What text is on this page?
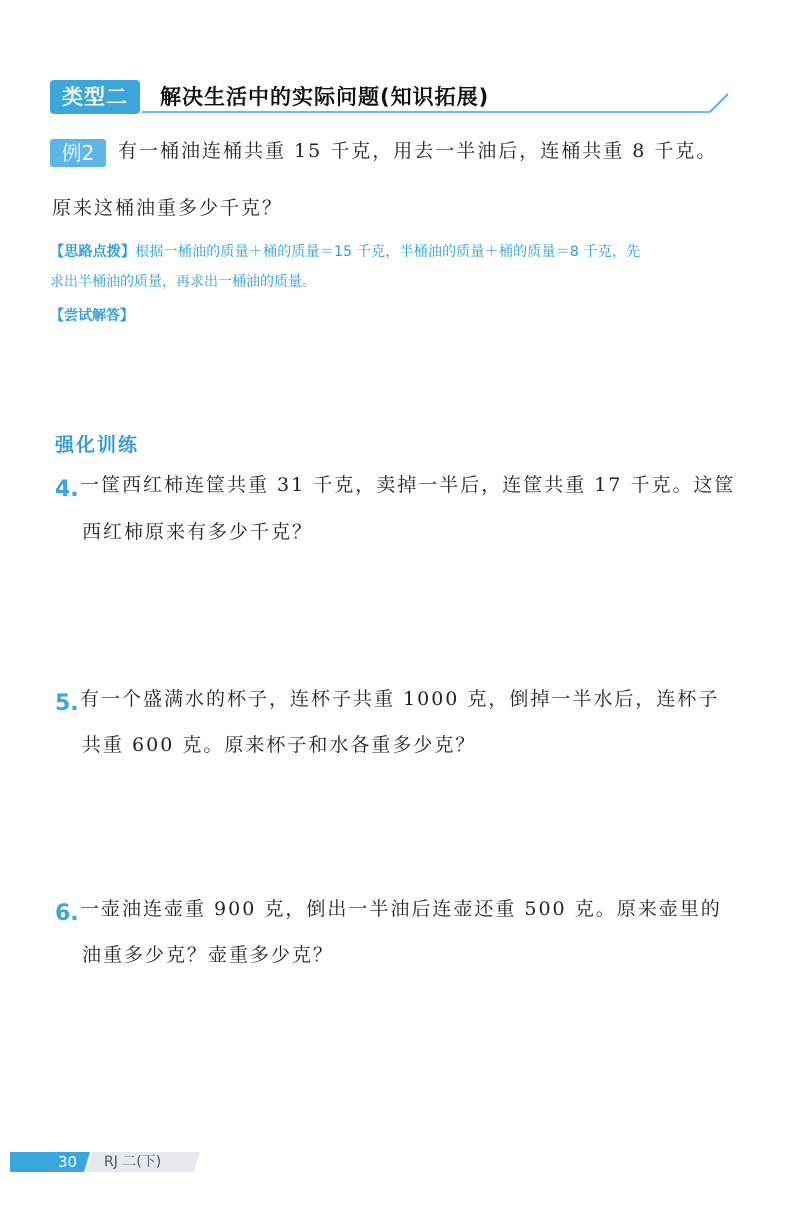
类型二	解决生活中的实际问题(知识拓展)
例2	有一桶油连桶共重 15 千克，用去一半油后，连桶共重 8 千克。
原来这桶油重多少千克？
【思路点拨】根据一桶油的质量＋桶的质量＝15 千克，半桶油的质量＋桶的质量＝8 千克，先
求出半桶油的质量，再求出一桶油的质量。
【尝试解答】
强化训练
4. 一筐西红柿连筐共重 31 千克，卖掉一半后，连筐共重 17 千克。这筐
西红柿原来有多少千克？
5. 有一个盛满水的杯子，连杯子共重 1000 克，倒掉一半水后，连杯子
共重 600 克。原来杯子和水各重多少克？
6. 一壶油连壶重 900 克，倒出一半油后连壶还重 500 克。原来壶里的
油重多少克？壶重多少克？
30 RJ 二(下)
